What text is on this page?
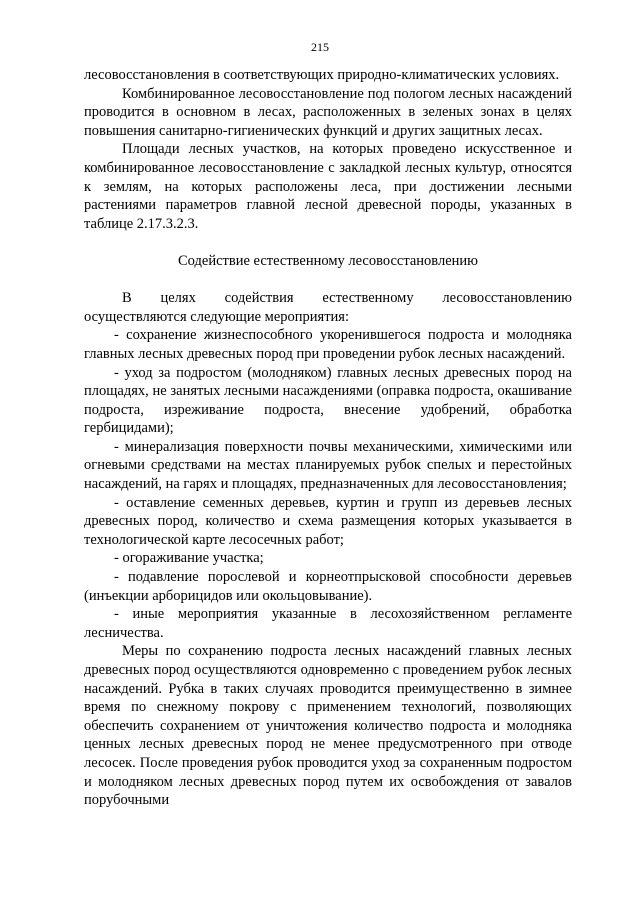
215

лесовосстановления в соответствующих природно-климатических условиях.

Комбинированное лесовосстановление под пологом лесных насаждений проводится в основном в лесах, расположенных в зеленых зонах в целях повышения санитарно-гигиенических функций и других защитных лесах.

Площади лесных участков, на которых проведено искусственное и комбинированное лесовосстановление с закладкой лесных культур, относятся к землям, на которых расположены леса, при достижении лесными растениями параметров главной лесной древесной породы, указанных в таблице 2.17.3.2.3.

Содействие естественному лесовосстановлению

В целях содействия естественному лесовосстановлению осуществляются следующие мероприятия:

- сохранение жизнеспособного укоренившегося подроста и молодняка главных лесных древесных пород при проведении рубок лесных насаждений.

- уход за подростом (молодняком) главных лесных древесных пород на площадях, не занятых лесными насаждениями (оправка подроста, окашивание подроста, изреживание подроста, внесение удобрений, обработка гербицидами);

- минерализация поверхности почвы механическими, химическими или огневыми средствами на местах планируемых рубок спелых и перестойных насаждений, на гарях и площадях, предназначенных для лесовосстановления;

- оставление семенных деревьев, куртин и групп из деревьев лесных древесных пород, количество и схема размещения которых указывается в технологической карте лесосечных работ;

- огораживание участка;

- подавление порослевой и корнеотпрысковой способности деревьев (инъекции арборицидов или окольцовывание).

- иные мероприятия указанные в лесохозяйственном регламенте лесничества.

Меры по сохранению подроста лесных насаждений главных лесных древесных пород осуществляются одновременно с проведением рубок лесных насаждений. Рубка в таких случаях проводится преимущественно в зимнее время по снежному покрову с применением технологий, позволяющих обеспечить сохранением от уничтожения количество подроста и молодняка ценных лесных древесных пород не менее предусмотренного при отводе лесосек. После проведения рубок проводится уход за сохраненным подростом и молодняком лесных древесных пород путем их освобождения от завалов порубочными
